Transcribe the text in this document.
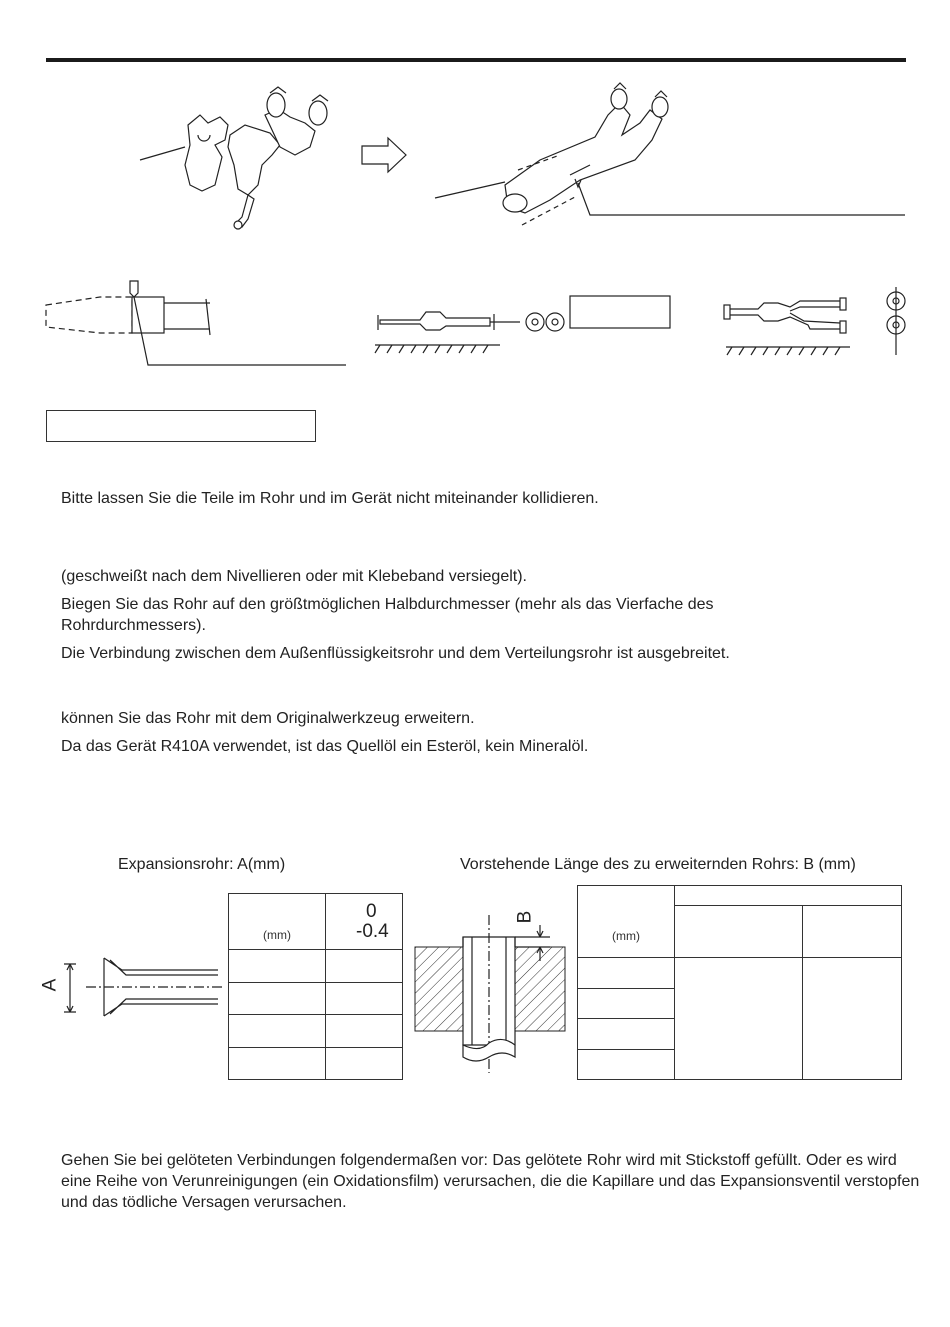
Bitte lassen Sie die Teile im Rohr und im Gerät nicht miteinander kollidieren.

(geschweißt nach dem Nivellieren oder mit Klebeband versiegelt).

Biegen Sie das Rohr auf den größtmöglichen Halbdurchmesser (mehr als das Vierfache des Rohrdurchmessers).

Die Verbindung zwischen dem Außenflüssigkeitsrohr und dem Verteilungsrohr ist ausgebreitet.

können Sie das Rohr mit dem Originalwerkzeug erweitern.

Da das Gerät R410A verwendet, ist das Quellöl ein Esteröl, kein Mineralöl.

Expansionsrohr: A(mm)	Vorstehende Länge des zu erweiternden Rohrs: B (mm)
A
(mm)	0
-0.4

B
(mm)		

Gehen Sie bei gelöteten Verbindungen folgendermaßen vor: Das gelötete Rohr wird mit Stickstoff gefüllt. Oder es wird eine Reihe von Verunreinigungen (ein Oxidationsfilm) verursachen, die die Kapillare und das Expansionsventil verstopfen und das tödliche Versagen verursachen.
